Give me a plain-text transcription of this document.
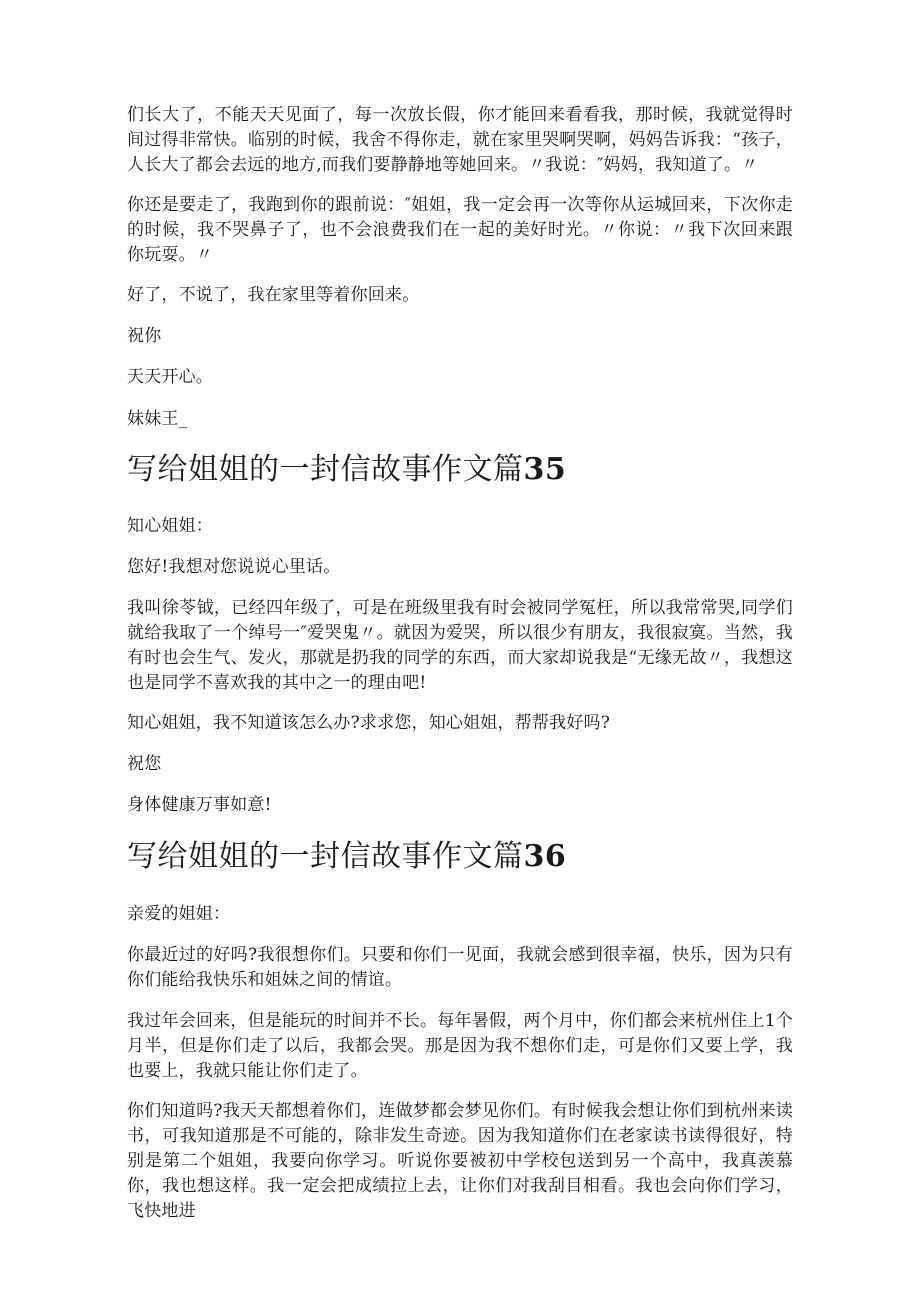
们长大了，不能天天见面了，每一次放长假，你才能回来看看我，那时候，我就觉得时间过得非常快。临别的时候，我舍不得你走，就在家里哭啊哭啊，妈妈告诉我：“孩子，人长大了都会去远的地方,而我们要静静地等她回来。〃我说：″妈妈，我知道了。〃

你还是要走了，我跑到你的跟前说：″姐姐，我一定会再一次等你从运城回来，下次你走的时候，我不哭鼻子了，也不会浪费我们在一起的美好时光。〃你说：〃我下次回来跟你玩耍。〃

好了，不说了，我在家里等着你回来。

祝你

天天开心。

妹妹王_

写给姐姐的一封信故事作文篇35

知心姐姐：

您好!我想对您说说心里话。

我叫徐苓钺，已经四年级了，可是在班级里我有时会被同学冤枉，所以我常常哭,同学们就给我取了一个绰号一″爱哭鬼〃。就因为爱哭，所以很少有朋友，我很寂寞。当然，我有时也会生气、发火，那就是扔我的同学的东西，而大家却说我是“无缘无故〃，我想这也是同学不喜欢我的其中之一的理由吧!

知心姐姐，我不知道该怎么办?求求您，知心姐姐，帮帮我好吗?

祝您

身体健康万事如意!

写给姐姐的一封信故事作文篇36

亲爱的姐姐：

你最近过的好吗?我很想你们。只要和你们一见面，我就会感到很幸福，快乐，因为只有你们能给我快乐和姐妹之间的情谊。

我过年会回来，但是能玩的时间并不长。每年暑假，两个月中，你们都会来杭州住上1个月半，但是你们走了以后，我都会哭。那是因为我不想你们走，可是你们又要上学，我也要上，我就只能让你们走了。

你们知道吗?我天天都想着你们，连做梦都会梦见你们。有时候我会想让你们到杭州来读书，可我知道那是不可能的，除非发生奇迹。因为我知道你们在老家读书读得很好，特别是第二个姐姐，我要向你学习。听说你要被初中学校包送到另一个高中，我真羡慕你，我也想这样。我一定会把成绩拉上去，让你们对我刮目相看。我也会向你们学习，飞快地进
